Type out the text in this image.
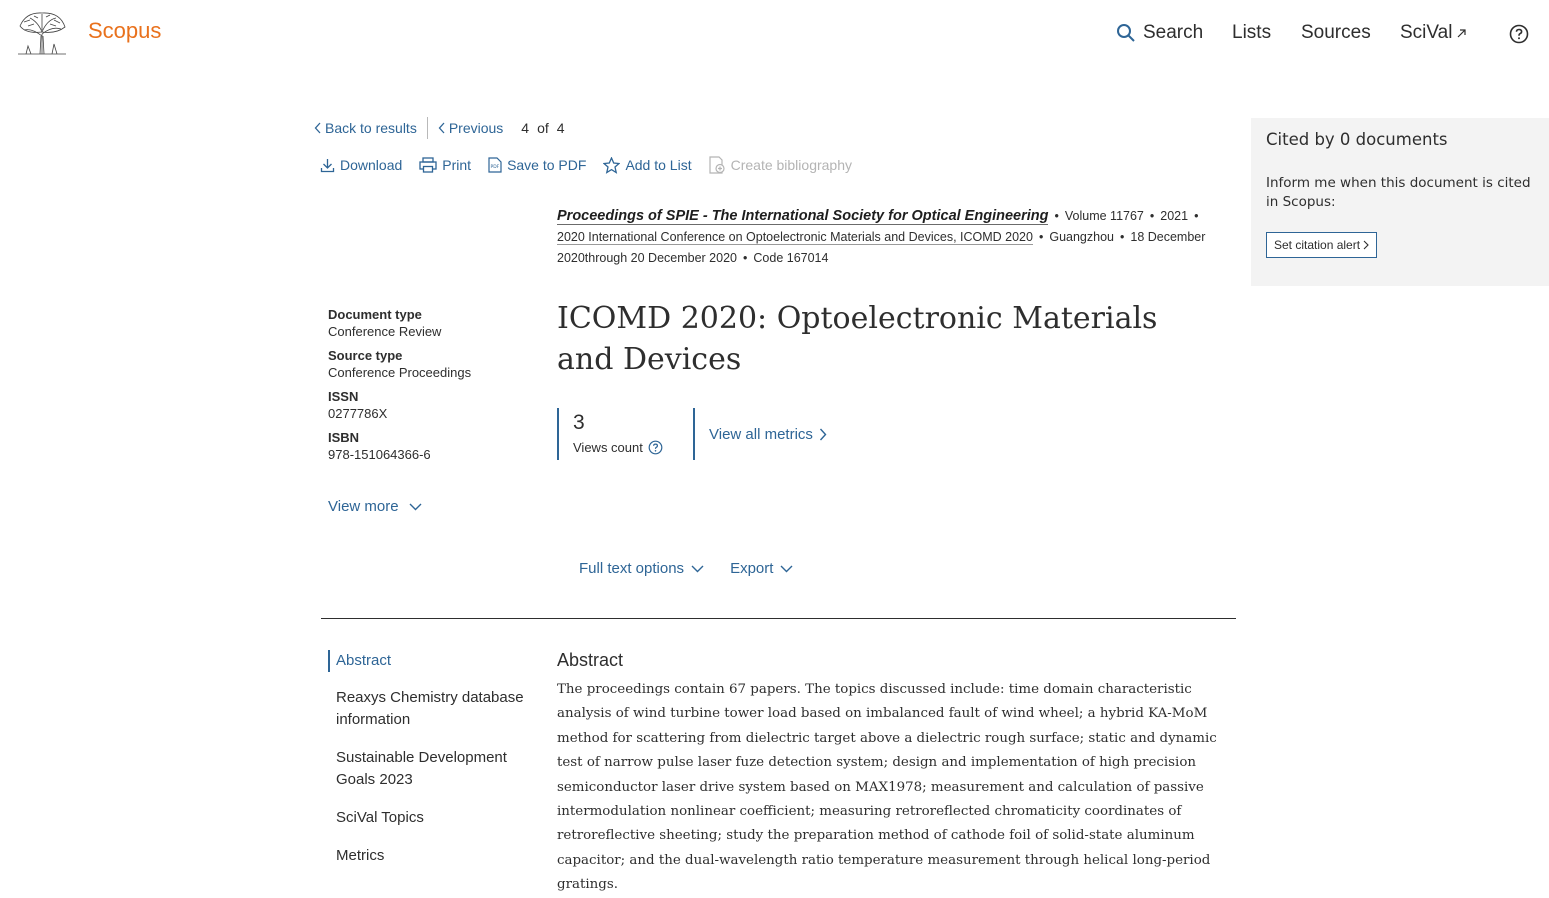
Scopus	Search Lists Sources SciVal
Back to results Previous 4 of 4
Download	Print	PDF Save to PDF	Add to List	Create bibliography
Proceedings of SPIE - The International Society for Optical Engineering • Volume 11767 • 2021 •
2020 International Conference on Optoelectronic Materials and Devices, ICOMD 2020 • Guangzhou • 18 December 2020through 20 December 2020 • Code 167014
Document type
Conference Review
Source type
Conference Proceedings
ISSN
0277786X
ISBN
978-151064366-6
View more
ICOMD 2020: Optoelectronic Materials and Devices
3
Views count
View all metrics
Full text options	Export
Abstract
Reaxys Chemistry database information
Sustainable Development Goals 2023
SciVal Topics
Metrics
Abstract
The proceedings contain 67 papers. The topics discussed include: time domain characteristic analysis of wind turbine tower load based on imbalanced fault of wind wheel; a hybrid KA-MoM method for scattering from dielectric target above a dielectric rough surface; static and dynamic test of narrow pulse laser fuze detection system; design and implementation of high precision semiconductor laser drive system based on MAX1978; measurement and calculation of passive intermodulation nonlinear coefficient; measuring retroreflected chromaticity coordinates of retroreflective sheeting; study the preparation method of cathode foil of solid-state aluminum capacitor; and the dual-wavelength ratio temperature measurement through helical long-period gratings.
Cited by 0 documents
Inform me when this document is cited in Scopus:
Set citation alert
